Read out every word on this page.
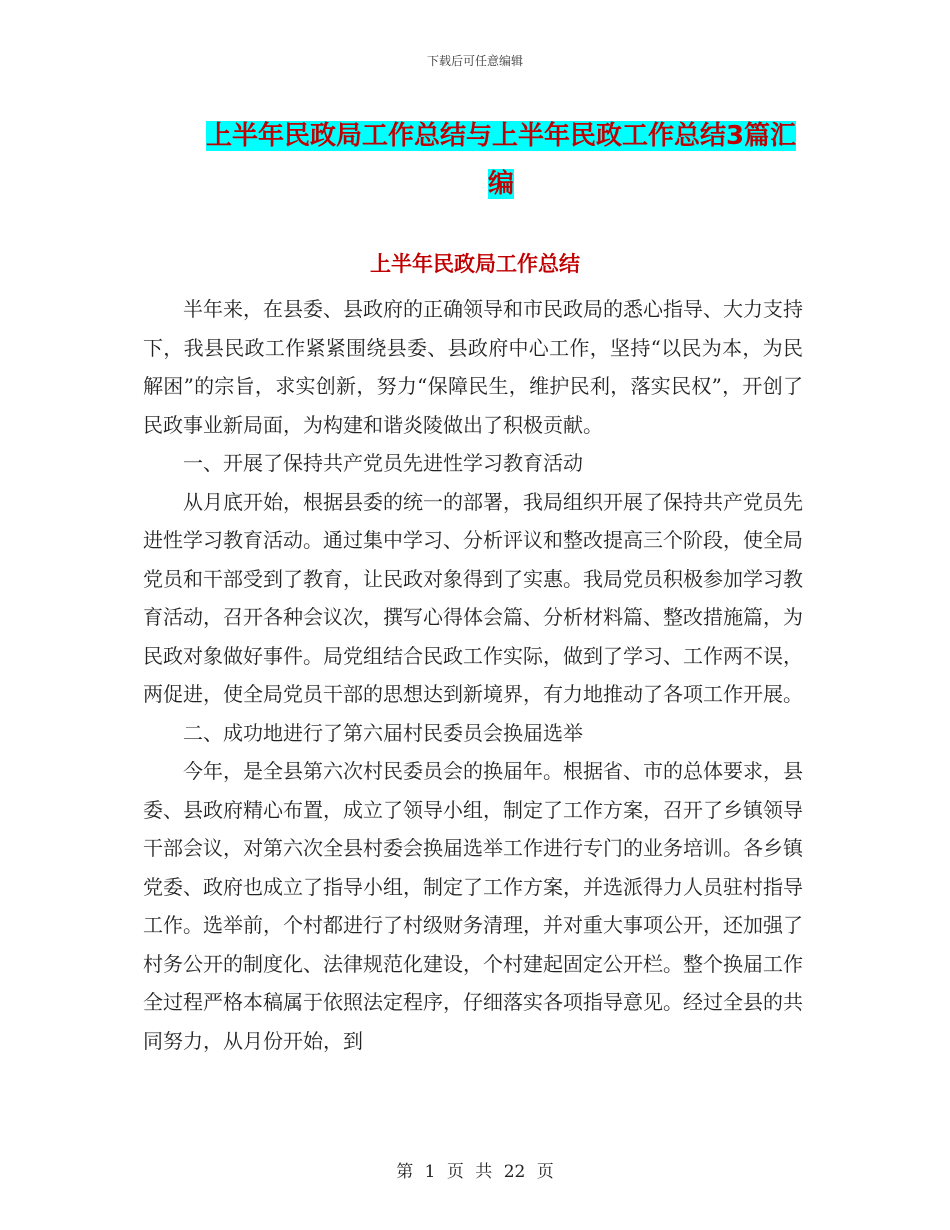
下载后可任意编辑
上半年民政局工作总结与上半年民政工作总结3篇汇编
上半年民政局工作总结

半年来，在县委、县政府的正确领导和市民政局的悉心指导、大力支持下，我县民政工作紧紧围绕县委、县政府中心工作，坚持“以民为本，为民解困”的宗旨，求实创新，努力“保障民生，维护民利，落实民权”，开创了民政事业新局面，为构建和谐炎陵做出了积极贡献。

一、开展了保持共产党员先进性学习教育活动

从月底开始，根据县委的统一的部署，我局组织开展了保持共产党员先进性学习教育活动。通过集中学习、分析评议和整改提高三个阶段，使全局党员和干部受到了教育，让民政对象得到了实惠。我局党员积极参加学习教育活动，召开各种会议次，撰写心得体会篇、分析材料篇、整改措施篇，为民政对象做好事件。局党组结合民政工作实际，做到了学习、工作两不误，两促进，使全局党员干部的思想达到新境界，有力地推动了各项工作开展。

二、成功地进行了第六届村民委员会换届选举

今年，是全县第六次村民委员会的换届年。根据省、市的总体要求，县委、县政府精心布置，成立了领导小组，制定了工作方案，召开了乡镇领导干部会议，对第六次全县村委会换届选举工作进行专门的业务培训。各乡镇党委、政府也成立了指导小组，制定了工作方案，并选派得力人员驻村指导工作。选举前，个村都进行了村级财务清理，并对重大事项公开，还加强了村务公开的制度化、法律规范化建设，个村建起固定公开栏。整个换届工作全过程严格本稿属于依照法定程序，仔细落实各项指导意见。经过全县的共同努力，从月份开始，到

第 1 页 共 22 页
